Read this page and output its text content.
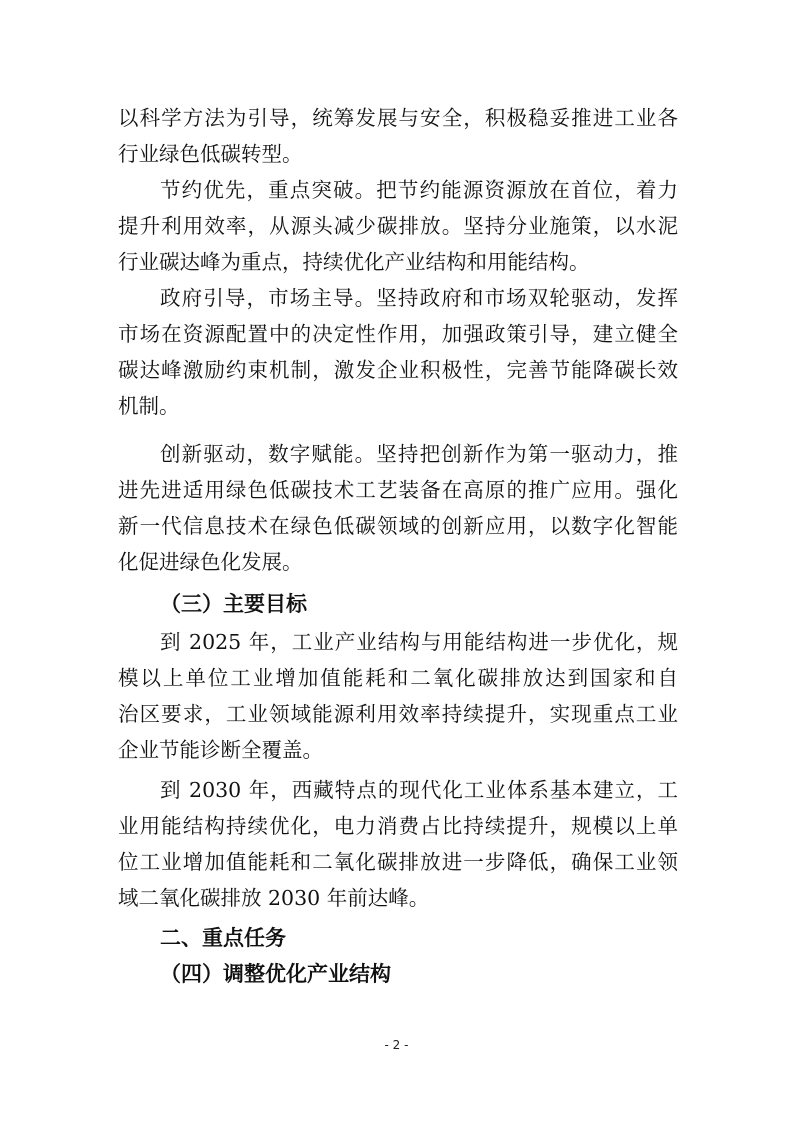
以科学方法为引导，统筹发展与安全，积极稳妥推进工业各
行业绿色低碳转型。
节约优先，重点突破。把节约能源资源放在首位，着力
提升利用效率，从源头减少碳排放。坚持分业施策，以水泥
行业碳达峰为重点，持续优化产业结构和用能结构。
政府引导，市场主导。坚持政府和市场双轮驱动，发挥
市场在资源配置中的决定性作用，加强政策引导，建立健全
碳达峰激励约束机制，激发企业积极性，完善节能降碳长效
机制。
创新驱动，数字赋能。坚持把创新作为第一驱动力，推
进先进适用绿色低碳技术工艺装备在高原的推广应用。强化
新一代信息技术在绿色低碳领域的创新应用，以数字化智能
化促进绿色化发展。
（三）主要目标
到 2025 年，工业产业结构与用能结构进一步优化，规
模以上单位工业增加值能耗和二氧化碳排放达到国家和自
治区要求，工业领域能源利用效率持续提升，实现重点工业
企业节能诊断全覆盖。
到 2030 年，西藏特点的现代化工业体系基本建立，工
业用能结构持续优化，电力消费占比持续提升，规模以上单
位工业增加值能耗和二氧化碳排放进一步降低，确保工业领
域二氧化碳排放 2030 年前达峰。
二、重点任务
（四）调整优化产业结构
- 2 -
